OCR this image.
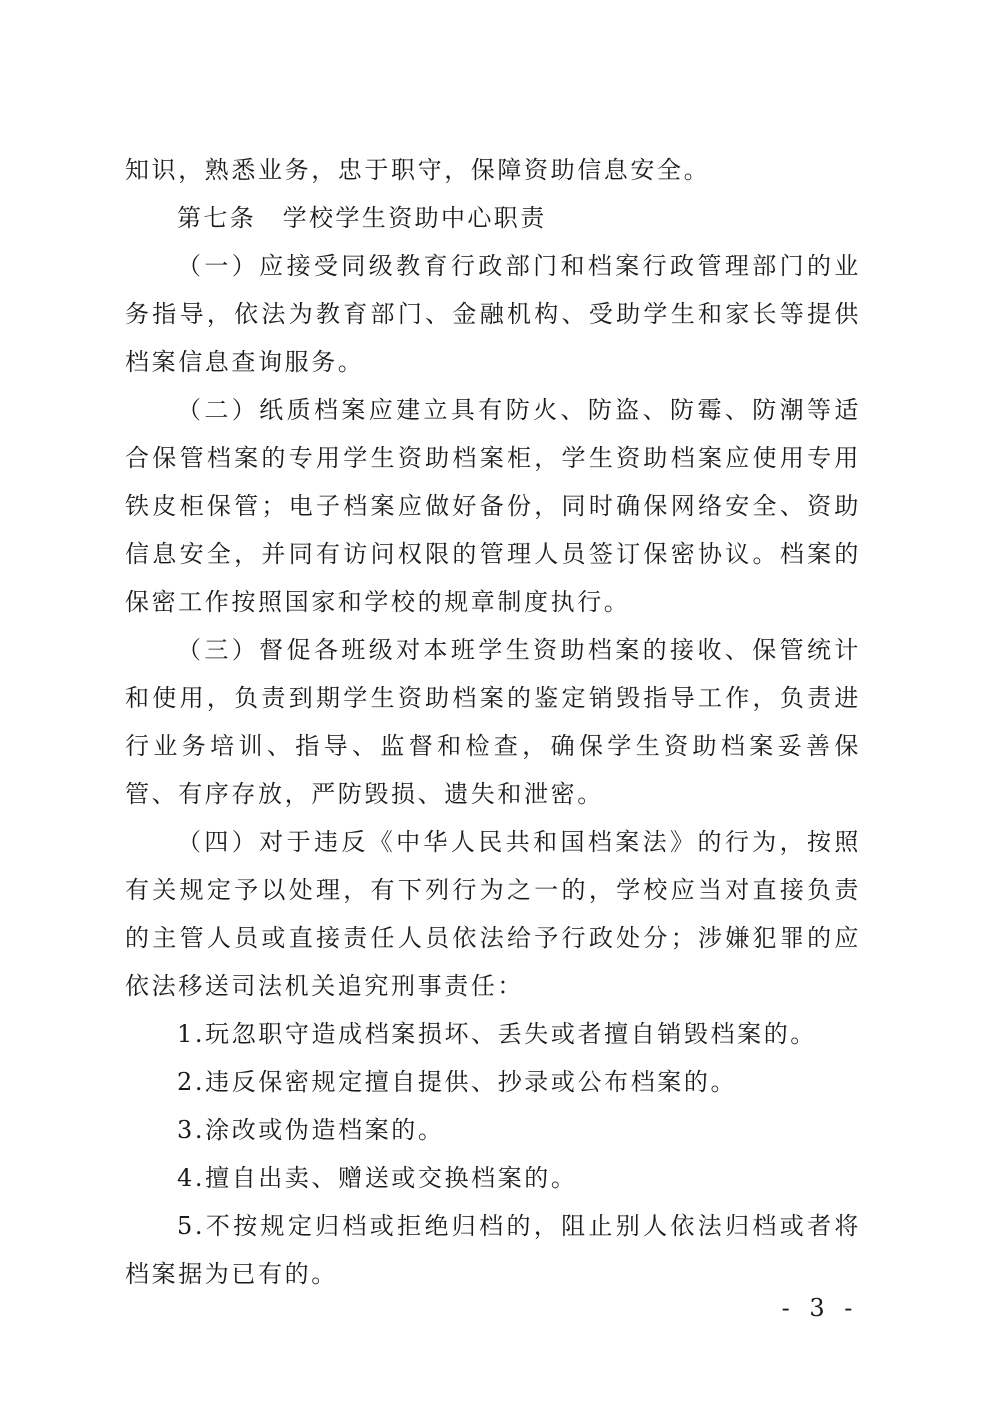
知识，熟悉业务，忠于职守，保障资助信息安全。

第七条　学校学生资助中心职责

（一）应接受同级教育行政部门和档案行政管理部门的业务指导，依法为教育部门、金融机构、受助学生和家长等提供档案信息查询服务。

（二）纸质档案应建立具有防火、防盗、防霉、防潮等适合保管档案的专用学生资助档案柜，学生资助档案应使用专用铁皮柜保管；电子档案应做好备份，同时确保网络安全、资助信息安全，并同有访问权限的管理人员签订保密协议。档案的保密工作按照国家和学校的规章制度执行。

（三）督促各班级对本班学生资助档案的接收、保管统计和使用，负责到期学生资助档案的鉴定销毁指导工作，负责进行业务培训、指导、监督和检查，确保学生资助档案妥善保管、有序存放，严防毁损、遗失和泄密。

（四）对于违反《中华人民共和国档案法》的行为，按照有关规定予以处理，有下列行为之一的，学校应当对直接负责的主管人员或直接责任人员依法给予行政处分；涉嫌犯罪的应依法移送司法机关追究刑事责任：

1.玩忽职守造成档案损坏、丢失或者擅自销毁档案的。

2.违反保密规定擅自提供、抄录或公布档案的。

3.涂改或伪造档案的。

4.擅自出卖、赠送或交换档案的。

5.不按规定归档或拒绝归档的，阻止别人依法归档或者将档案据为已有的。

- 3 -
